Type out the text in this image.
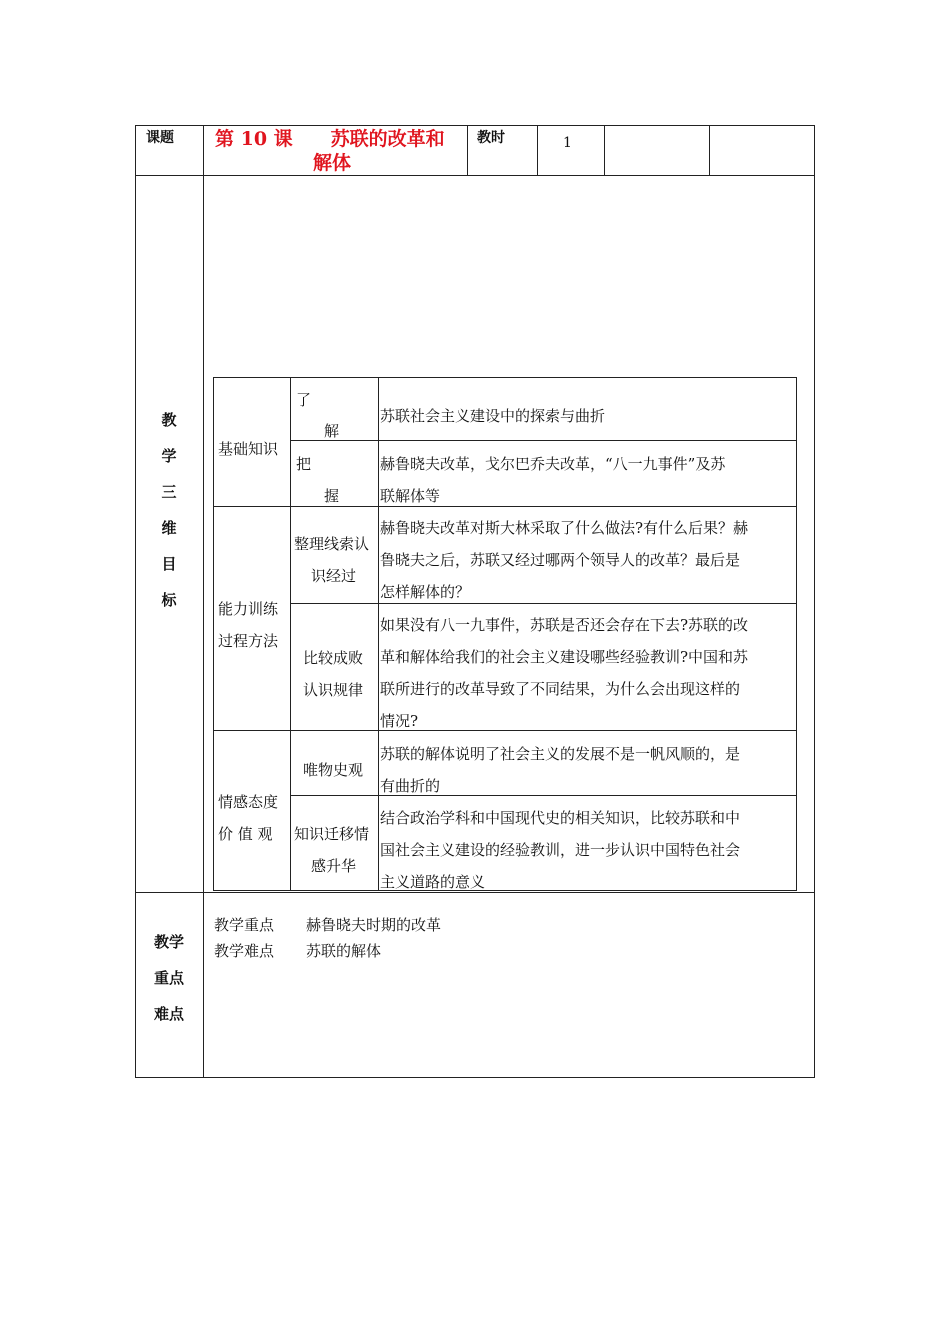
课题 第 10 课　　苏联的改革和
解体
教时	1
教
学
三
维
目
标
基础知识
了
解
苏联社会主义建设中的探索与曲折
把
握
赫鲁晓夫改革，戈尔巴乔夫改革，“八一九事件”及苏
联解体等
能力训练
过程方法
整理线索认
识经过
赫鲁晓夫改革对斯大林采取了什么做法?有什么后果？赫
鲁晓夫之后，苏联又经过哪两个领导人的改革？最后是
怎样解体的？
比较成败
认识规律
如果没有八一九事件，苏联是否还会存在下去?苏联的改
革和解体给我们的社会主义建设哪些经验教训?中国和苏
联所进行的改革导致了不同结果，为什么会出现这样的
情况?
情感态度
价 值 观
唯物史观
苏联的解体说明了社会主义的发展不是一帆风顺的，是
有曲折的
知识迁移情
感升华
结合政治学科和中国现代史的相关知识，比较苏联和中
国社会主义建设的经验教训，进一步认识中国特色社会
主义道路的意义
教学
重点
难点
教学重点 赫鲁晓夫时期的改革
教学难点 苏联的解体
